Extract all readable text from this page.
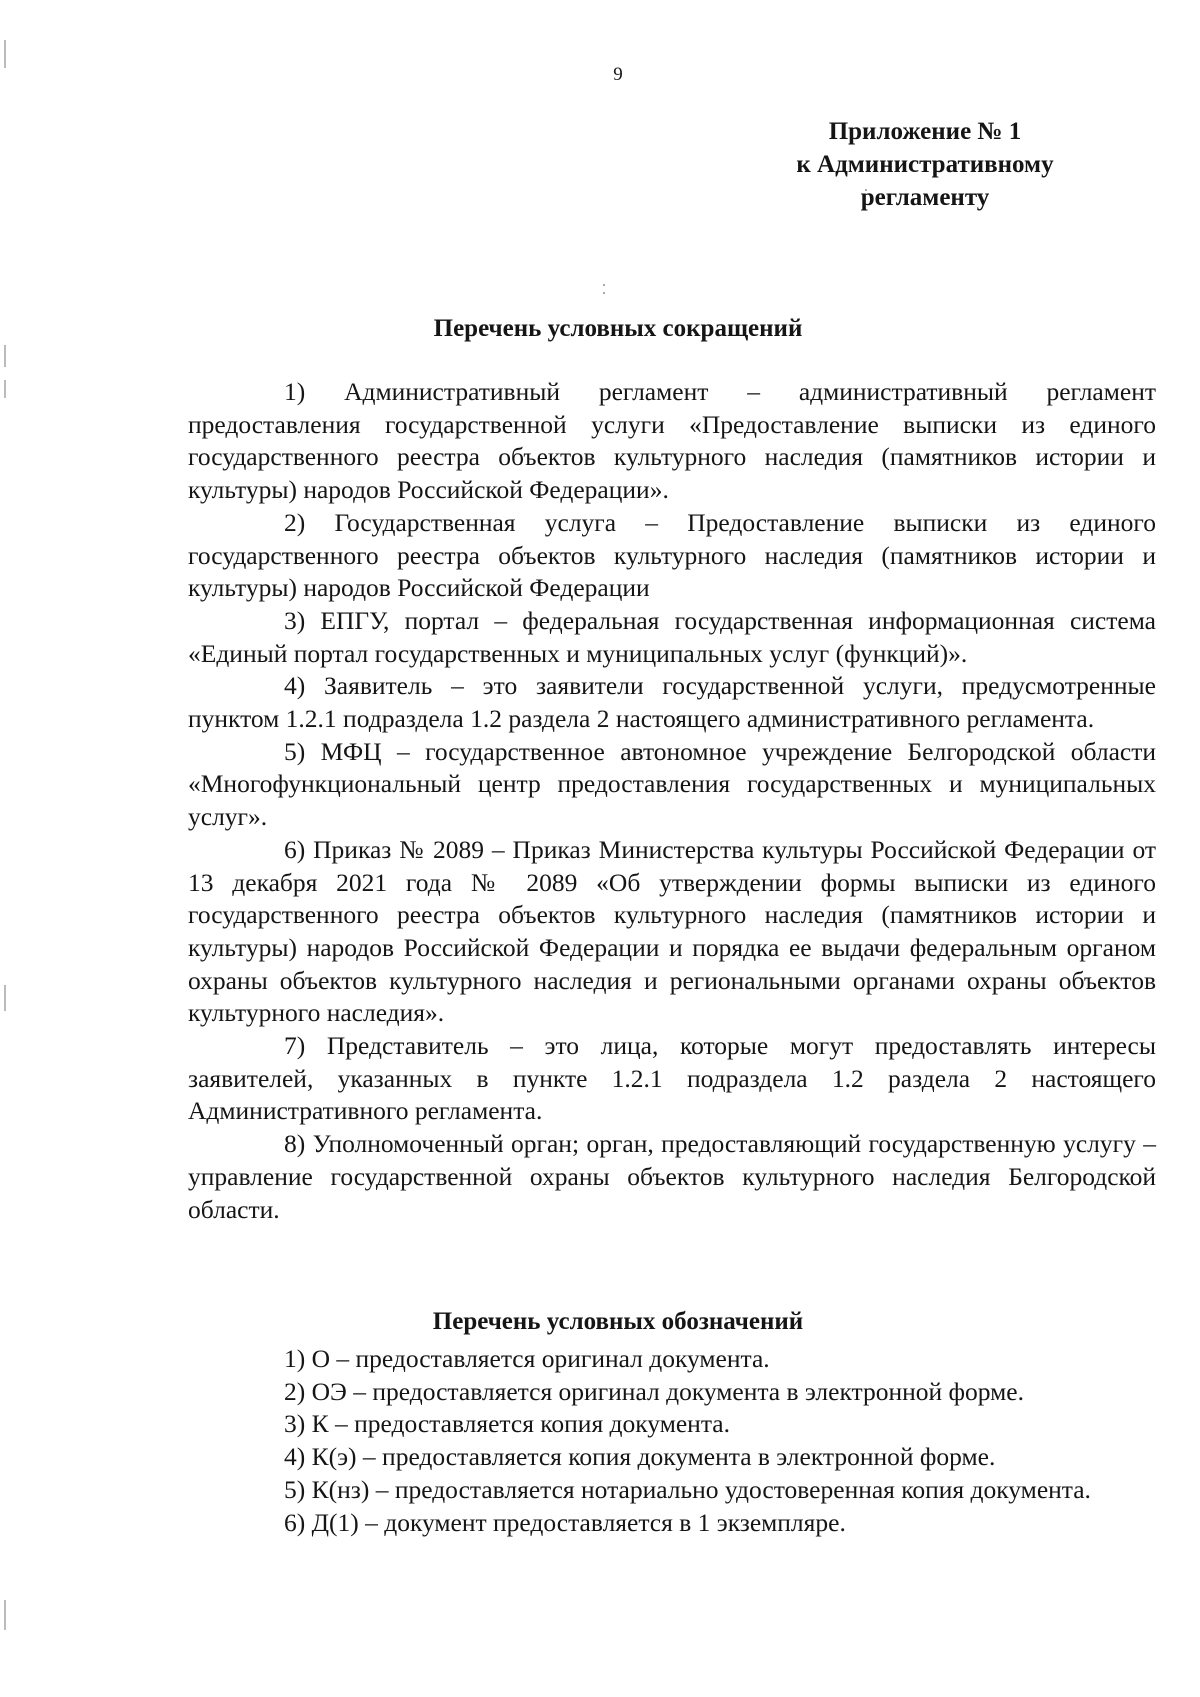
9
Приложение № 1
к Административному
регламенту
Перечень условных сокращений

1) Административный регламент – административный регламент предоставления государственной услуги «Предоставление выписки из единого государственного реестра объектов культурного наследия (памятников истории и культуры) народов Российской Федерации».

2) Государственная услуга – Предоставление выписки из единого государственного реестра объектов культурного наследия (памятников истории и культуры) народов Российской Федерации

3) ЕПГУ, портал – федеральная государственная информационная система «Единый портал государственных и муниципальных услуг (функций)».

4) Заявитель – это заявители государственной услуги, предусмотренные пунктом 1.2.1 подраздела 1.2 раздела 2 настоящего административного регламента.

5) МФЦ – государственное автономное учреждение Белгородской области «Многофункциональный центр предоставления государственных и муниципальных услуг».

6) Приказ № 2089 – Приказ Министерства культуры Российской Федерации от 13 декабря 2021 года № 2089 «Об утверждении формы выписки из единого государственного реестра объектов культурного наследия (памятников истории и культуры) народов Российской Федерации и порядка ее выдачи федеральным органом охраны объектов культурного наследия и региональными органами охраны объектов культурного наследия».

7) Представитель – это лица, которые могут предоставлять интересы заявителей, указанных в пункте 1.2.1 подраздела 1.2 раздела 2 настоящего Административного регламента.

8) Уполномоченный орган; орган, предоставляющий государственную услугу – управление государственной охраны объектов культурного наследия Белгородской области.

Перечень условных обозначений

1) О – предоставляется оригинал документа.

2) ОЭ – предоставляется оригинал документа в электронной форме.

3) К – предоставляется копия документа.

4) К(э) – предоставляется копия документа в электронной форме.

5) К(нз) – предоставляется нотариально удостоверенная копия документа.

6) Д(1) – документ предоставляется в 1 экземпляре.
